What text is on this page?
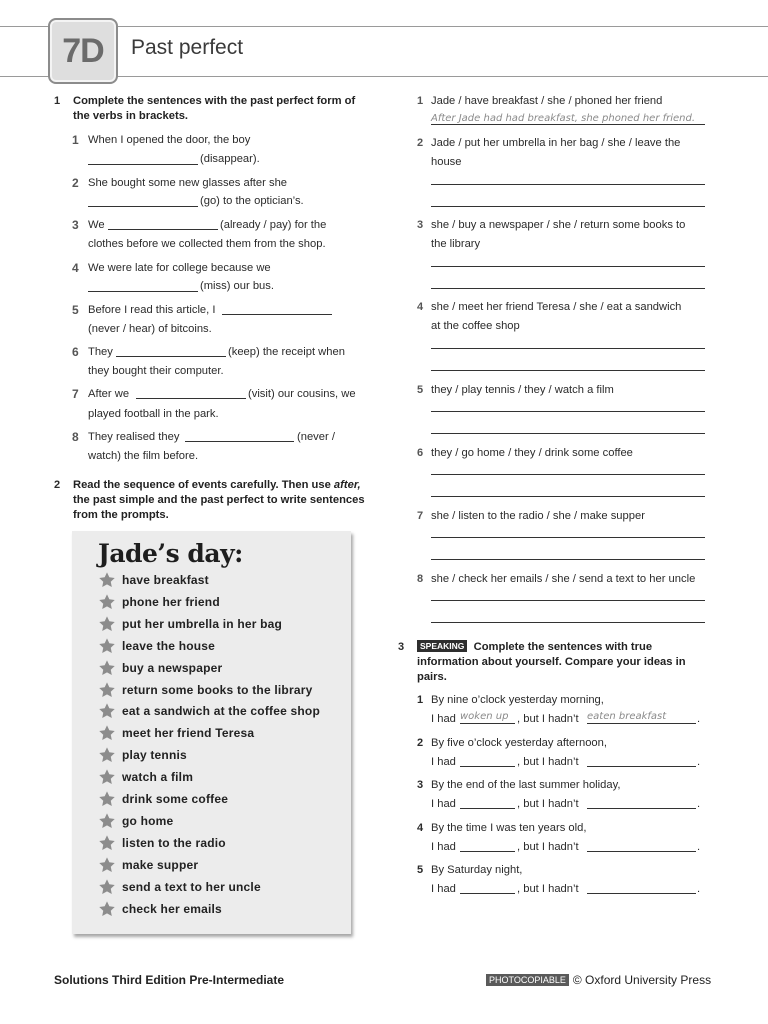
7D	Past perfect
1 Complete the sentences with the past perfect form of the verbs in brackets.
1 When I opened the door, the boy
(disappear).
2 She bought some new glasses after she
(go) to the optician’s.
3 We	(already / pay) for the
clothes before we collected them from the shop.
4 We were late for college because we
(miss) our bus.
5 Before I read this article, I
(never / hear) of bitcoins.
6 They	(keep) the receipt when
they bought their computer.
7 After we	(visit) our cousins, we
played football in the park.
8 They realised they	(never /
watch) the film before.
2 Read the sequence of events carefully. Then use after, the past simple and the past perfect to write sentences from the prompts.
Jade’s day:
have breakfast
phone her friend
put her umbrella in her bag
leave the house
buy a newspaper
return some books to the library
eat a sandwich at the coffee shop
meet her friend Teresa
play tennis
watch a film
drink some coffee
go home
listen to the radio
make supper
send a text to her uncle
check her emails
1 Jade / have breakfast / she / phoned her friend
2 Jade / put her umbrella in her bag / she / leave the
house
3 she / buy a newspaper / she / return some books to
the library
4 she / meet her friend Teresa / she / eat a sandwich
at the coffee shop
5 they / play tennis / they / watch a film
6 they / go home / they / drink some coffee
7 she / listen to the radio / she / make supper
8 she / check her emails / she / send a text to her uncle
After Jade had had breakfast, she phoned her friend.
3	SPEAKING Complete the sentences with true information about yourself. Compare your ideas in pairs.
1 By nine o’clock yesterday morning,
I had	, but I hadn’t	.
woken up	eaten breakfast
2 By five o’clock yesterday afternoon,
I had	, but I hadn’t	.
3 By the end of the last summer holiday,
I had	, but I hadn’t	.
4 By the time I was ten years old,
I had	, but I hadn’t	.
5 By Saturday night,
I had	, but I hadn’t	.
Solutions Third Edition Pre-Intermediate	PHOTOCOPIABLE © Oxford University Press
